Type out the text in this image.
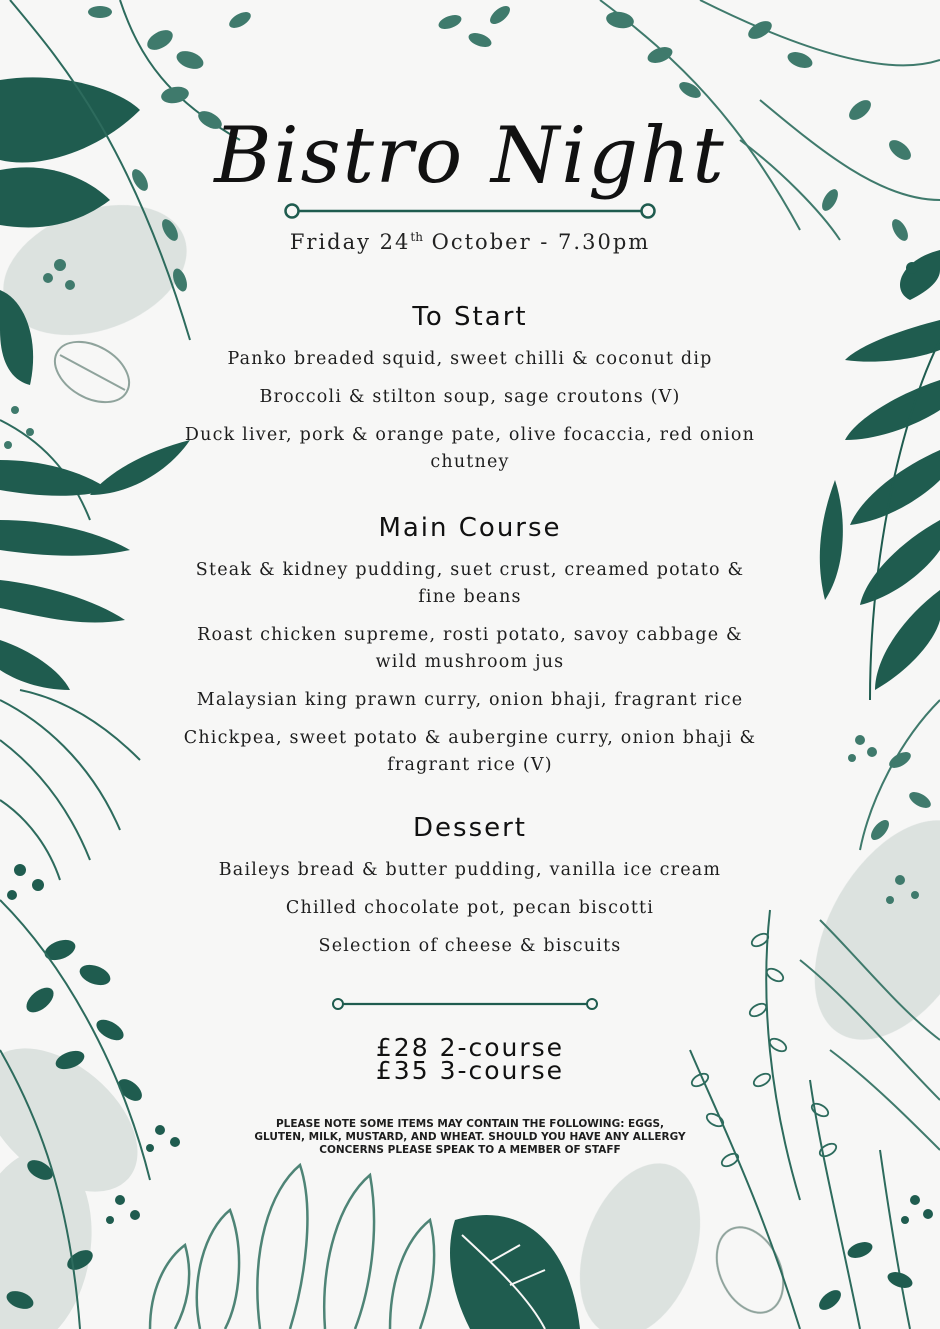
Bistro Night
Friday 24th October - 7.30pm
To Start
Panko breaded squid, sweet chilli & coconut dip
Broccoli & stilton soup, sage croutons (V)
Duck liver, pork & orange pate, olive focaccia, red onion chutney
Main Course
Steak & kidney pudding, suet crust, creamed potato & fine beans
Roast chicken supreme, rosti potato, savoy cabbage & wild mushroom jus
Malaysian king prawn curry, onion bhaji, fragrant rice
Chickpea, sweet potato & aubergine curry, onion bhaji & fragrant rice (V)
Dessert
Baileys bread & butter pudding, vanilla ice cream
Chilled chocolate pot, pecan biscotti
Selection of cheese & biscuits
£28 2-course
£35 3-course
PLEASE NOTE SOME ITEMS MAY CONTAIN THE FOLLOWING: EGGS, GLUTEN, MILK, MUSTARD, AND WHEAT. SHOULD YOU HAVE ANY ALLERGY CONCERNS PLEASE SPEAK TO A MEMBER OF STAFF
